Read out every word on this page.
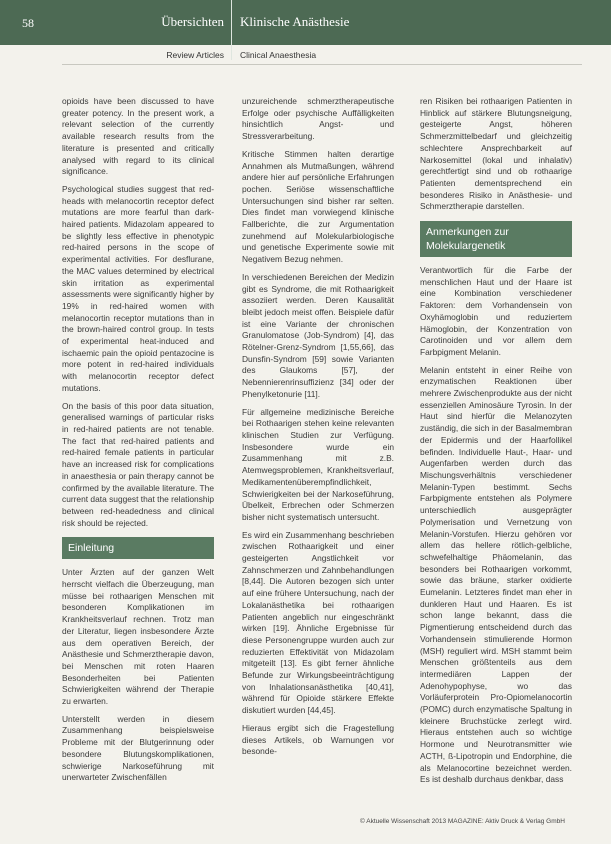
58	Übersichten Klinische Anästhesie
Review Articles Clinical Anaesthesia

opioids have been discussed to have greater potency. In the present work, a relevant selection of the currently available research results from the literature is presented and critically analysed with regard to its clinical significance.

Psychological studies suggest that red-heads with melanocortin receptor defect mutations are more fearful than dark-haired patients. Midazolam appeared to be slightly less effective in phenotypic red-haired persons in the scope of experimental activities. For desflurane, the MAC values determined by electrical skin irritation as experimental assessments were significantly higher by 19% in red-haired women with melanocortin receptor mutations than in the brown-haired control group. In tests of experimental heat-induced and ischaemic pain the opioid pentazocine is more potent in red-haired individuals with melanocortin receptor defect mutations.

On the basis of this poor data situation, generalised warnings of particular risks in red-haired patients are not tenable. The fact that red-haired patients and red-haired female patients in particular have an increased risk for complications in anaesthesia or pain therapy cannot be confirmed by the available literature. The current data suggest that the relationship between red-headedness and clinical risk should be rejected.

Einleitung

Unter Ärzten auf der ganzen Welt herrscht vielfach die Überzeugung, man müsse bei rothaarigen Menschen mit besonderen Komplikationen im Krankheitsverlauf rechnen. Trotz man der Literatur, liegen insbesondere Ärzte aus dem operativen Bereich, der Anästhesie und Schmerztherapie davon, bei Menschen mit roten Haaren Besonderheiten bei Patienten Schwierigkeiten während der Therapie zu erwarten.

Unterstellt werden in diesem Zusammenhang beispielsweise Probleme mit der Blutgerinnung oder besondere Blutungskomplikationen, schwierige Narkoseführung mit unerwarteter Zwischenfällen

unzureichende schmerztherapeutische Erfolge oder psychische Auffälligkeiten hinsichtlich Angst- und Stressverarbeitung.

Kritische Stimmen halten derartige Annahmen als Mutmaßungen, während andere hier auf persönliche Erfahrungen pochen. Seriöse wissenschaftliche Untersuchungen sind bisher rar selten. Dies findet man vorwiegend klinische Fallberichte, die zur Argumentation zunehmend auf Molekularbiologische und genetische Experimente sowie mit Negativem Bezug nehmen.

In verschiedenen Bereichen der Medizin gibt es Syndrome, die mit Rothaarigkeit assoziiert werden. Deren Kausalität bleibt jedoch meist offen. Beispiele dafür ist eine Variante der chronischen Granulomatose (Job-Syndrom) [4], das Rötelner-Grenz-Syndrom [1,55,66], das Dunsfin-Syndrom [59] sowie Varianten des Glaukoms [57], der Nebennierenrinsuffizienz [34] oder der Phenylketonurie [11].

Für allgemeine medizinische Bereiche bei Rothaarigen stehen keine relevanten klinischen Studien zur Verfügung. Insbesondere wurde ein Zusammenhang mit z.B. Atemwegsproblemen, Krankheitsverlauf, Medikamentenüberempfindlichkeit, Schwierigkeiten bei der Narkoseführung, Übelkeit, Erbrechen oder Schmerzen bisher nicht systematisch untersucht.

Es wird ein Zusammenhang beschrieben zwischen Rothaarigkeit und einer gesteigerten Angstlichkeit vor Zahnschmerzen und Zahnbehandlungen [8,44]. Die Autoren bezogen sich unter auf eine frühere Untersuchung, nach der Lokalanästhetika bei rothaarigen Patienten angeblich nur eingeschränkt wirken [19]. Ähnliche Ergebnisse für diese Personengruppe wurden auch zur reduzierten Effektivität von Midazolam mitgeteilt [13]. Es gibt ferner ähnliche Befunde zur Wirkungsbeeinträchtigung von Inhalationsanästhetika [40,41], während für Opioide stärkere Effekte diskutiert wurden [44,45].

Hieraus ergibt sich die Fragestellung dieses Artikels, ob Warnungen vor besonde-

ren Risiken bei rothaarigen Patienten in Hinblick auf stärkere Blutungsneigung, gesteigerte Angst, höheren Schmerzmittelbedarf und gleichzeitig schlechtere Ansprechbarkeit auf Narkosemittel (lokal und inhalativ) gerechtfertigt sind und ob rothaarige Patienten dementsprechend ein besonderes Risiko in Anästhesie- und Schmerztherapie darstellen.

Anmerkungen zur Molekulargenetik

Verantwortlich für die Farbe der menschlichen Haut und der Haare ist eine Kombination verschiedener Faktoren: dem Vorhandensein von Oxyhämoglobin und reduziertem Hämoglobin, der Konzentration von Carotinoiden und vor allem dem Farbpigment Melanin.

Melanin entsteht in einer Reihe von enzymatischen Reaktionen über mehrere Zwischenprodukte aus der nicht essenziellen Aminosäure Tyrosin. In der Haut sind hierfür die Melanozyten zuständig, die sich in der Basalmembran der Epidermis und der Haarfollikel befinden. Individuelle Haut-, Haar- und Augenfarben werden durch das Mischungsverhältnis verschiedener Melanin-Typen bestimmt. Sechs Farbpigmente entstehen als Polymere unterschiedlich ausgeprägter Polymerisation und Vernetzung von Melanin-Vorstufen. Hierzu gehören vor allem das hellere rötlich-gelbliche, schwefelhaltige Phäomelanin, das besonders bei Rothaarigen vorkommt, sowie das bräune, starker oxidierte Eumelanin. Letzteres findet man eher in dunkleren Haut und Haaren. Es ist schon lange bekannt, dass die Pigmentierung entscheidend durch das Vorhandensein stimulierende Hormon (MSH) reguliert wird. MSH stammt beim Menschen größtenteils aus dem intermediären Lappen der Adenohypophyse, wo das Vorläuferprotein Pro-Opiomelanocortin (POMC) durch enzymatische Spaltung in kleinere Bruchstücke zerlegt wird. Hieraus entstehen auch so wichtige Hormone und Neurotransmitter wie ACTH, ß-Lipotropin und Endorphine, die als Melanocortine bezeichnet werden. Es ist deshalb durchaus denkbar, dass

© Aktuelle Wissenschaft 2013 MAGAZINE: Aktiv Druck & Verlag GmbH
